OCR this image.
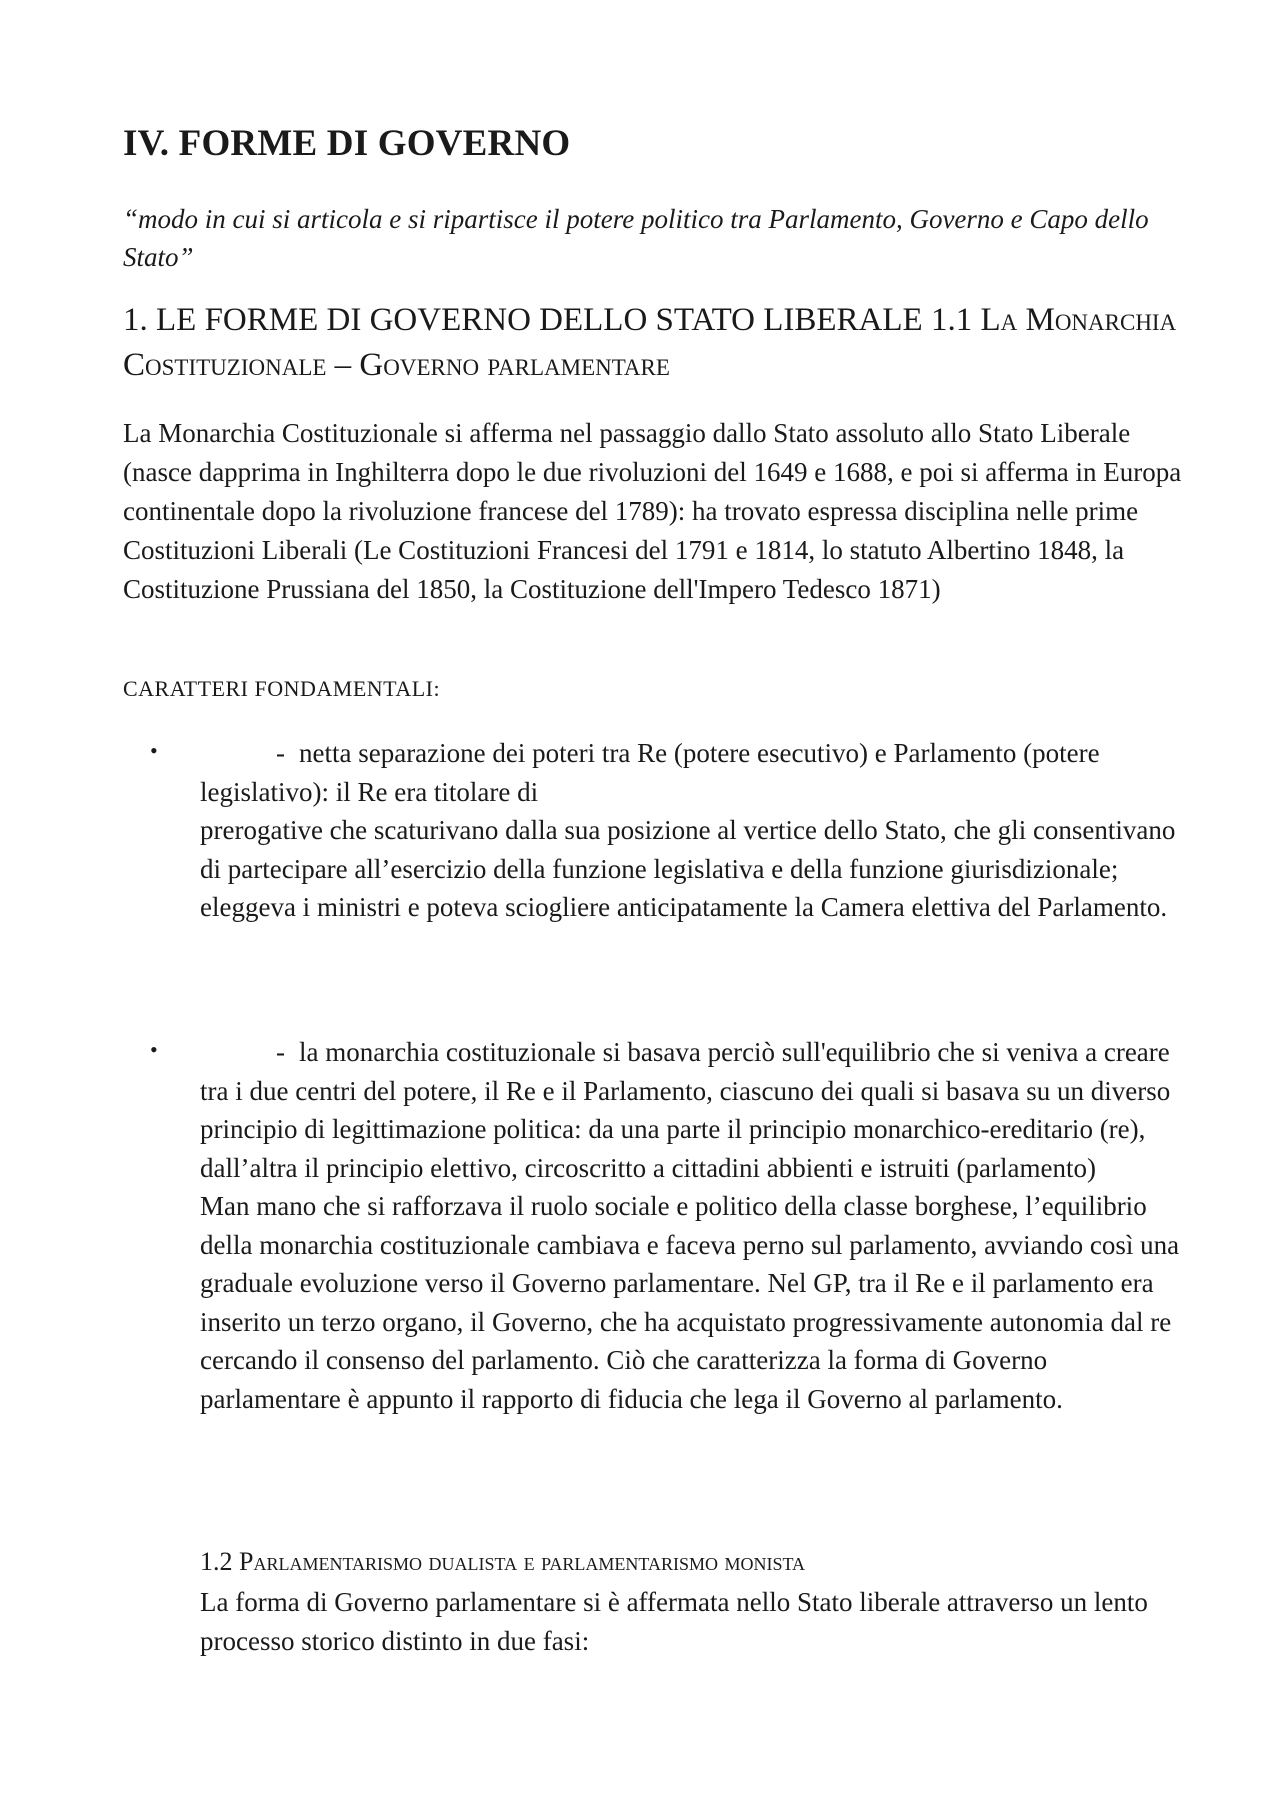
IV. FORME DI GOVERNO

“modo in cui si articola e si ripartisce il potere politico tra Parlamento, Governo e Capo dello Stato”

1. LE FORME DI GOVERNO DELLO STATO LIBERALE 1.1 La Monarchia Costituzionale – Governo parlamentare

La Monarchia Costituzionale si afferma nel passaggio dallo Stato assoluto allo Stato Liberale (nasce dapprima in Inghilterra dopo le due rivoluzioni del 1649 e 1688, e poi si afferma in Europa continentale dopo la rivoluzione francese del 1789): ha trovato espressa disciplina nelle prime Costituzioni Liberali (Le Costituzioni Francesi del 1791 e 1814, lo statuto Albertino 1848, la Costituzione Prussiana del 1850, la Costituzione dell'Impero Tedesco 1871)

CARATTERI FONDAMENTALI:

•	- netta separazione dei poteri tra Re (potere esecutivo) e Parlamento (potere legislativo): il Re era titolare di
prerogative che scaturivano dalla sua posizione al vertice dello Stato, che gli consentivano di partecipare all’esercizio della funzione legislativa e della funzione giurisdizionale; eleggeva i ministri e poteva sciogliere anticipatamente la Camera elettiva del Parlamento.
•	- la monarchia costituzionale si basava perciò sull'equilibrio che si veniva a creare tra i due centri del potere, il Re e il Parlamento, ciascuno dei quali si basava su un diverso principio di legittimazione politica: da una parte il principio monarchico-ereditario (re), dall’altra il principio elettivo, circoscritto a cittadini abbienti e istruiti (parlamento)
Man mano che si rafforzava il ruolo sociale e politico della classe borghese, l’equilibrio della monarchia costituzionale cambiava e faceva perno sul parlamento, avviando così una graduale evoluzione verso il Governo parlamentare. Nel GP, tra il Re e il parlamento era inserito un terzo organo, il Governo, che ha acquistato progressivamente autonomia dal re cercando il consenso del parlamento. Ciò che caratterizza la forma di Governo parlamentare è appunto il rapporto di fiducia che lega il Governo al parlamento.
1.2 Parlamentarismo dualista e parlamentarismo monista

La forma di Governo parlamentare si è affermata nello Stato liberale attraverso un lento processo storico distinto in due fasi:
